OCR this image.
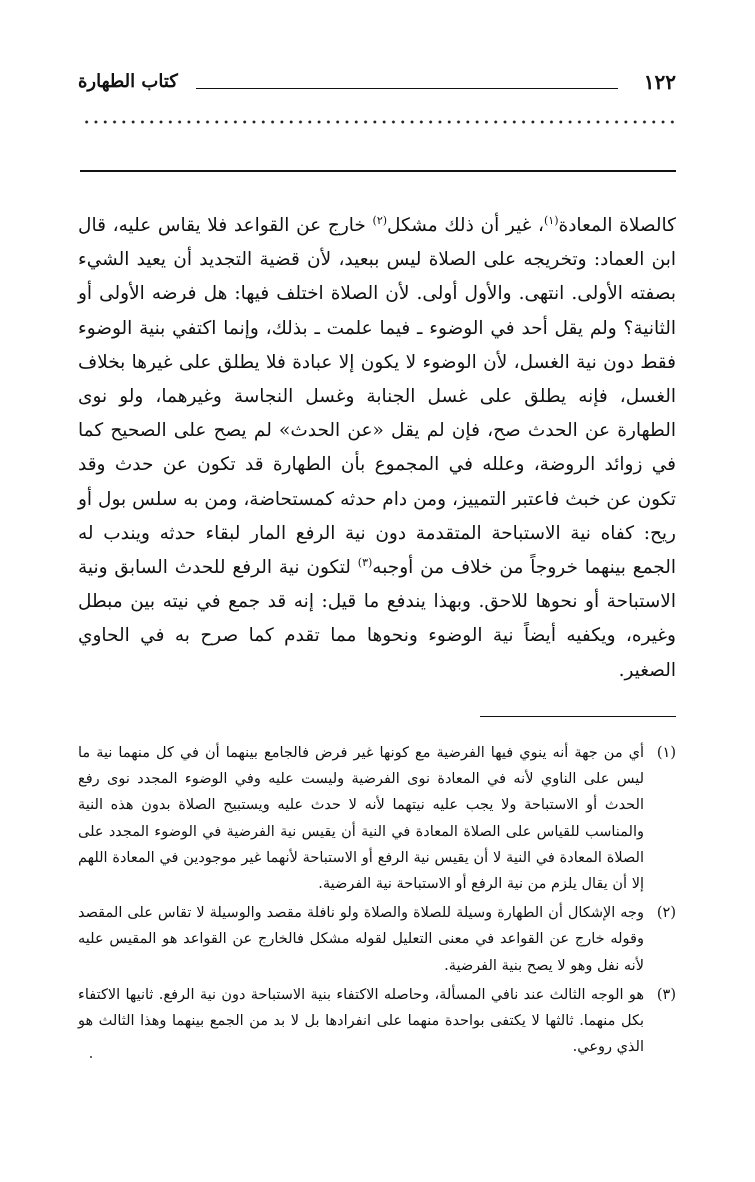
١٢٢
كتاب الطهارة

كالصلاة المعادة$^{(١)}$، غير أن ذلك مشكل$^{(٢)}$ خارج عن القواعد فلا يقاس عليه، قال ابن العماد: وتخريجه على الصلاة ليس ببعيد، لأن قضية التجديد أن يعيد الشيء بصفته الأولى. انتهى. والأول أولى. لأن الصلاة اختلف فيها: هل فرضه الأولى أو الثانية؟ ولم يقل أحد في الوضوء ـ فيما علمت ـ بذلك، وإنما اكتفي بنية الوضوء فقط دون نية الغسل، لأن الوضوء لا يكون إلا عبادة فلا يطلق على غيرها بخلاف الغسل، فإنه يطلق على غسل الجنابة وغسل النجاسة وغيرهما، ولو نوى الطهارة عن الحدث صح، فإن لم يقل «عن الحدث» لم يصح على الصحيح كما في زوائد الروضة، وعلله في المجموع بأن الطهارة قد تكون عن حدث وقد تكون عن خبث فاعتبر التمييز، ومن دام حدثه كمستحاضة، ومن به سلس بول أو ريح: كفاه نية الاستباحة المتقدمة دون نية الرفع المار لبقاء حدثه ويندب له الجمع بينهما خروجاً من خلاف من أوجبه$^{(٣)}$ لتكون نية الرفع للحدث السابق ونية الاستباحة أو نحوها للاحق. وبهذا يندفع ما قيل: إنه قد جمع في نيته بين مبطل وغيره، ويكفيه أيضاً نية الوضوء ونحوها مما تقدم كما صرح به في الحاوي الصغير.

(١)
أي من جهة أنه ينوي فيها الفرضية مع كونها غير فرض فالجامع بينهما أن في كل منهما نية ما ليس على الناوي لأنه في المعادة نوى الفرضية وليست عليه وفي الوضوء المجدد نوى رفع الحدث أو الاستباحة ولا يجب عليه نيتهما لأنه لا حدث عليه ويستبيح الصلاة بدون هذه النية والمناسب للقياس على الصلاة المعادة في النية أن يقيس نية الفرضية في الوضوء المجدد على الصلاة المعادة في النية لا أن يقيس نية الرفع أو الاستباحة لأنهما غير موجودين في المعادة اللهم إلا أن يقال يلزم من نية الرفع أو الاستباحة نية الفرضية.
(٢)
وجه الإشكال أن الطهارة وسيلة للصلاة والصلاة ولو نافلة مقصد والوسيلة لا تقاس على المقصد وقوله خارج عن القواعد في معنى التعليل لقوله مشكل فالخارج عن القواعد هو المقيس عليه لأنه نفل وهو لا يصح بنية الفرضية.
(٣)
هو الوجه الثالث عند نافي المسألة، وحاصله الاكتفاء بنية الاستباحة دون نية الرفع. ثانيها الاكتفاء بكل منهما. ثالثها لا يكتفى بواحدة منهما على انفرادها بل لا بد من الجمع بينهما وهذا الثالث هو الذي روعي.
